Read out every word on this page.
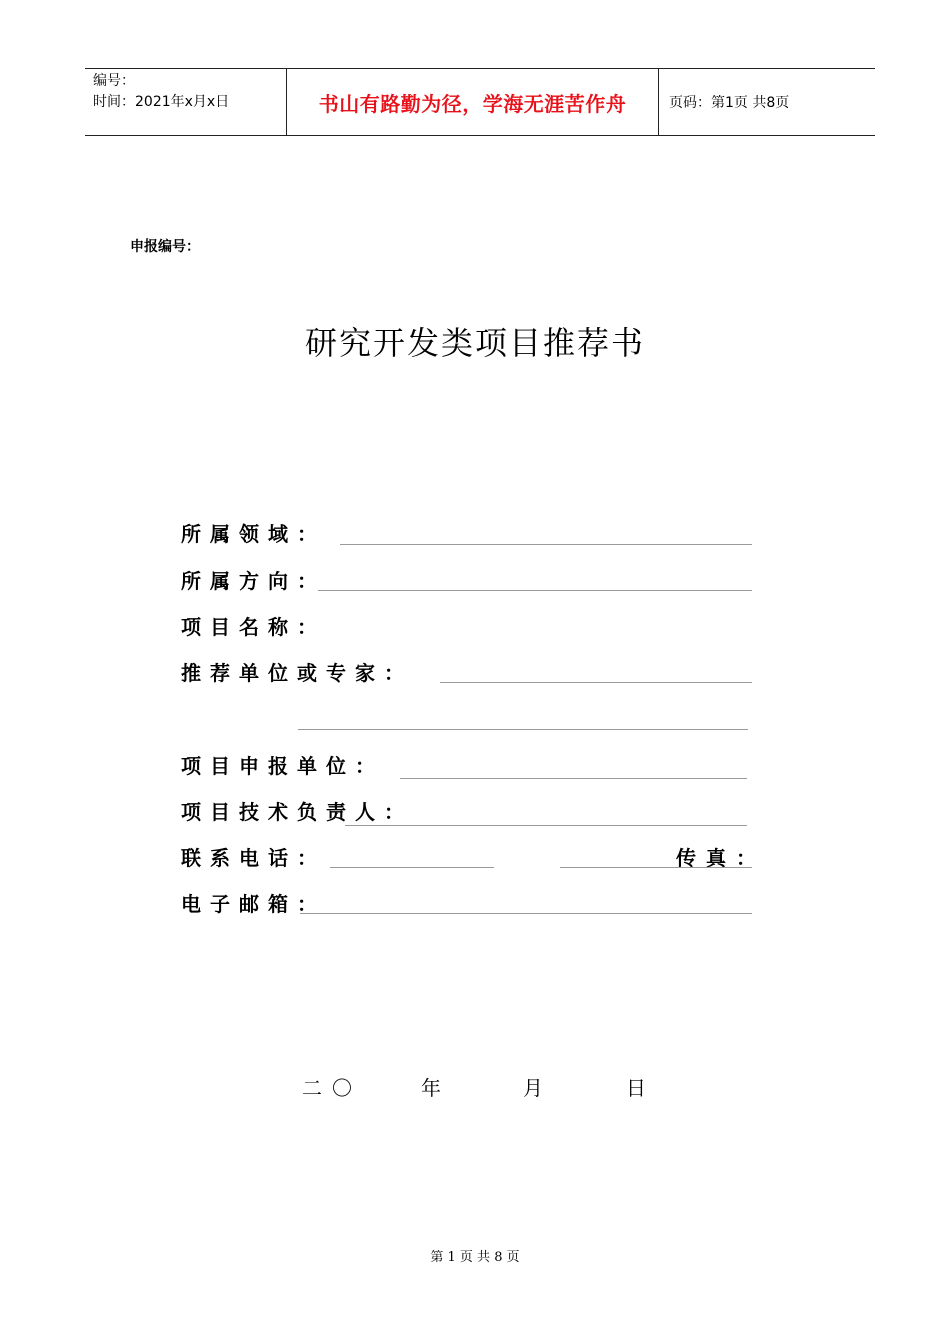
编号：
时间：2021年x月x日	书山有路勤为径，学海无涯苦作舟	页码：第1页 共8页
申报编号：
研究开发类项目推荐书
所属领域：
所属方向：
项目名称：
推荐单位或专家：
项目申报单位：
项目技术负责人：
联系电话：	传真：
电子邮箱：
二〇	年	月	日
第 1 页 共 8 页
